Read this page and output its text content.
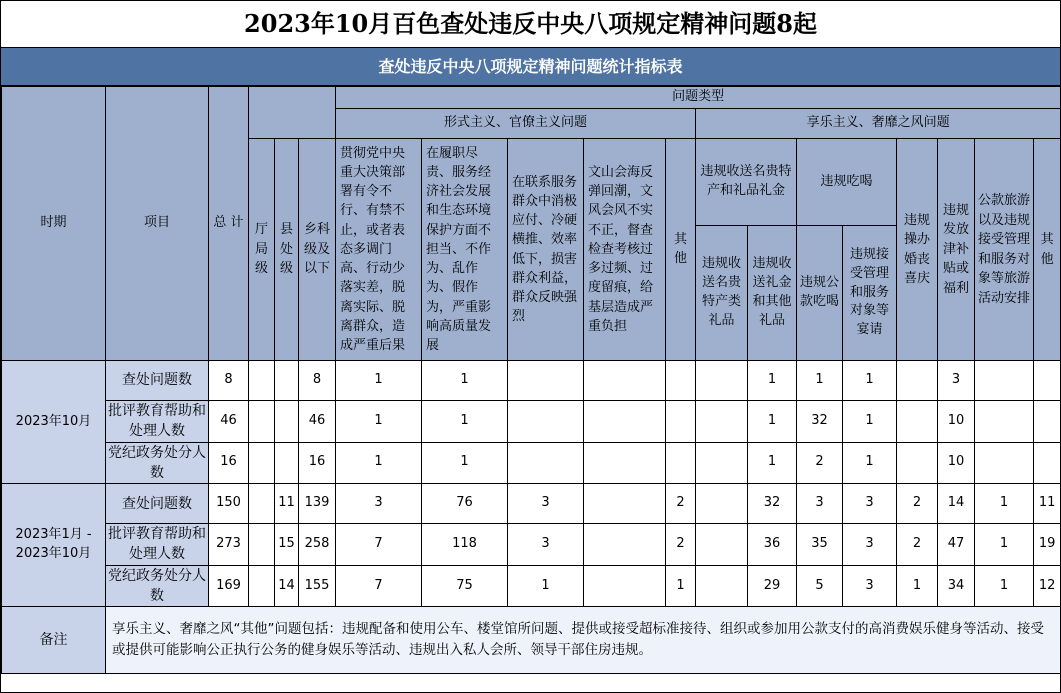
2023年10月百色查处违反中央八项规定精神问题8起
查处违反中央八项规定精神问题统计指标表
时期	项目	总 计				问题类型												
						形式主义、官僚主义问题					享乐主义、奢靡之风问题							
			厅局级	县处级	乡科级及以下	贯彻党中央重大决策部署有令不行、有禁不止，或者表态多调门高、行动少落实差，脱离实际、脱离群众，造成严重后果	在履职尽责、服务经济社会发展和生态环境保护方面不担当、不作为、乱作为、假作为，严重影响高质量发展	在联系服务群众中消极应付、冷硬横推、效率低下，损害群众利益，群众反映强烈	文山会海反弹回潮，文风会风不实不正，督查检查考核过多过频、过度留痕，给基层造成严重负担	其他	违规收送名贵特产和礼品礼金		违规吃喝		违规操办婚丧喜庆	违规发放津补贴或福利	公款旅游以及违规接受管理和服务对象等旅游活动安排	其他
											违规收送名贵特产类礼品	违规收送礼金和其他礼品	违规公款吃喝	违规接受管理和服务对象等宴请				
2023年10月	查处问题数	8			8	1	1					1	1	1		3		
	批评教育帮助和处理人数	46			46	1	1					1	32	1		10		
	党纪政务处分人数	16			16	1	1					1	2	1		10		
2023年1月 - 2023年10月	查处问题数	150		11	139	3	76	3		2		32	3	3	2	14	1	11
	批评教育帮助和处理人数	273		15	258	7	118	3		2		36	35	3	2	47	1	19
	党纪政务处分人数	169		14	155	7	75	1		1		29	5	3	1	34	1	12
备注	享乐主义、奢靡之风“其他”问题包括：违规配备和使用公车、楼堂馆所问题、提供或接受超标准接待、组织或参加用公款支付的高消费娱乐健身等活动、接受或提供可能影响公正执行公务的健身娱乐等活动、违规出入私人会所、领导干部住房违规。																	
